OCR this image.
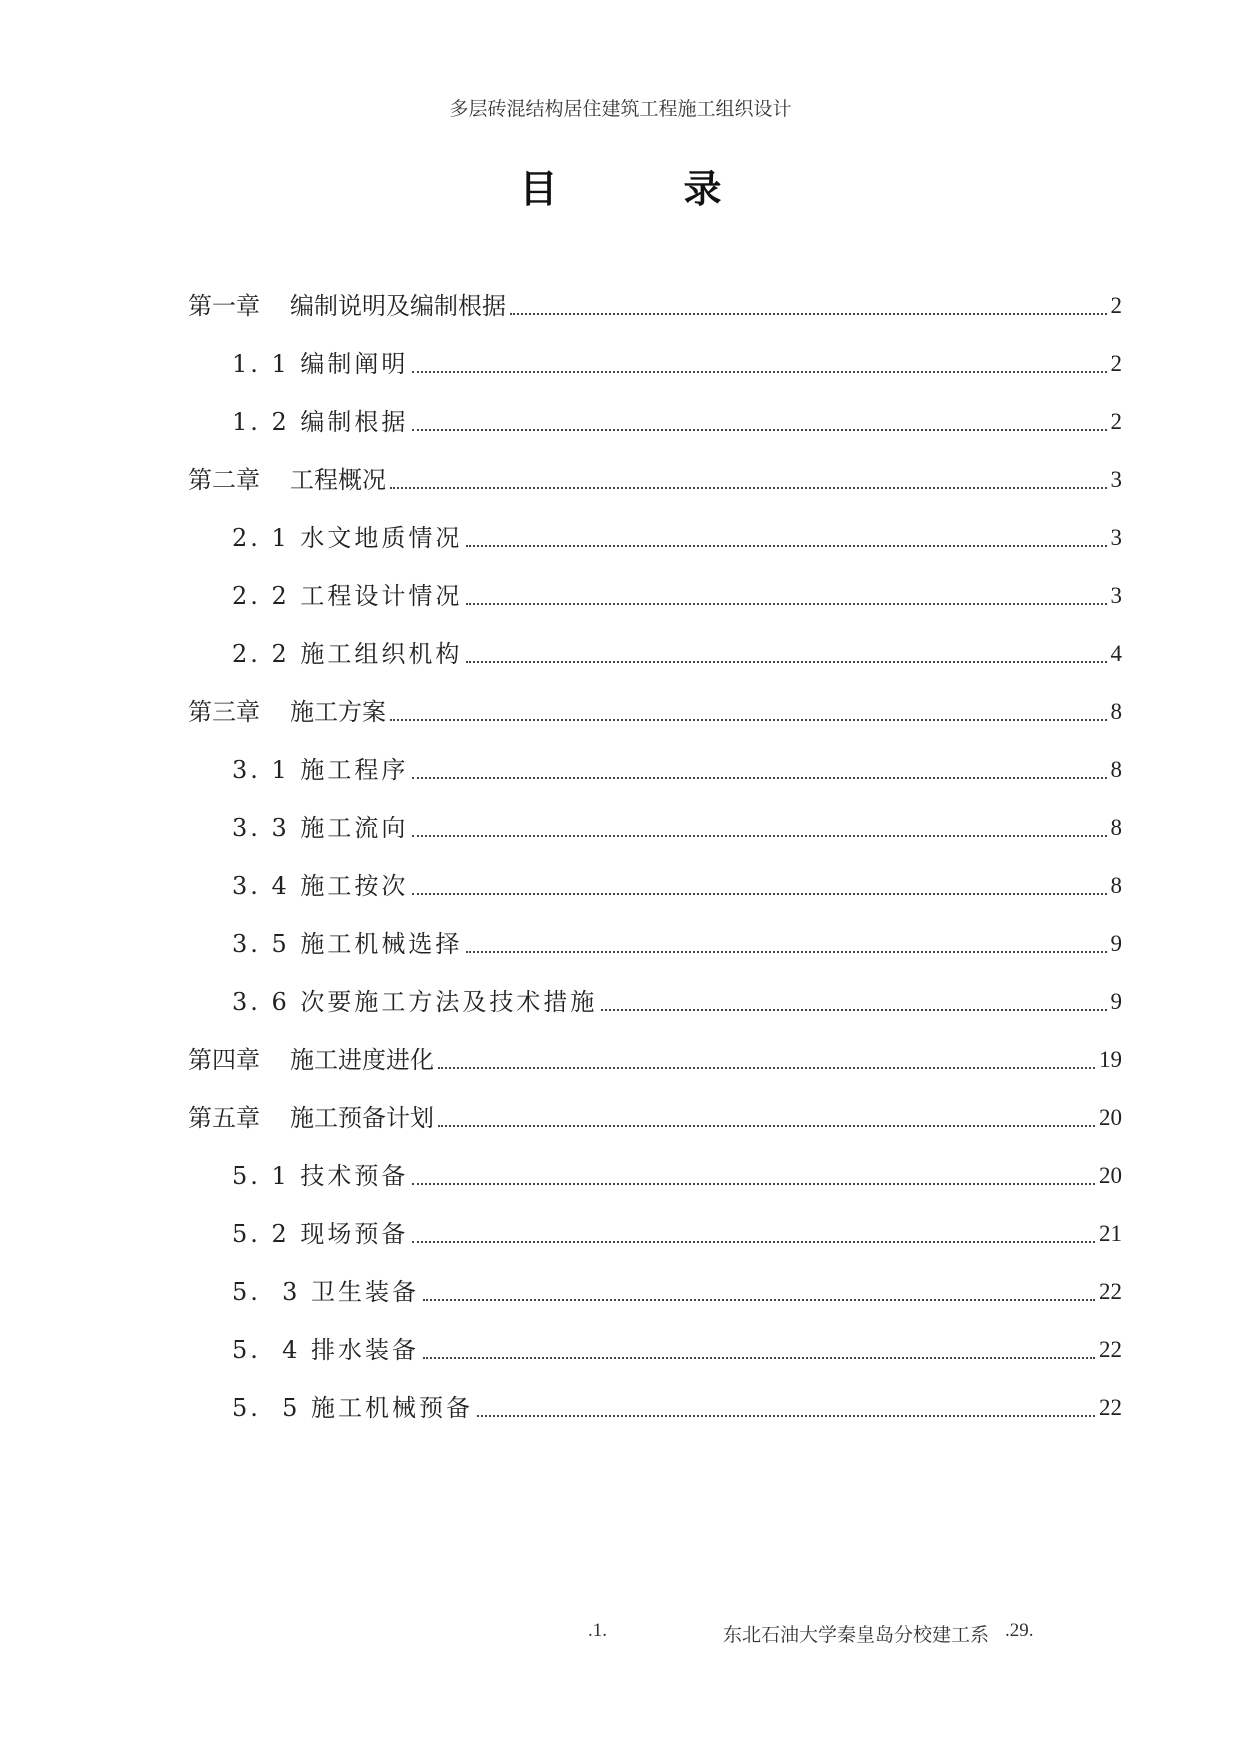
多层砖混结构居住建筑工程施工组织设计
目　录
第一章 编制说明及编制根据	2
1. 1 编制阐明	2
1. 2 编制根据	2
第二章 工程概况	3
2. 1 水文地质情况	3
2. 2 工程设计情况	3
2. 2 施工组织机构	4
第三章 施工方案	8
3. 1 施工程序	8
3. 3 施工流向	8
3. 4 施工按次	8
3. 5 施工机械选择	9
3. 6 次要施工方法及技术措施	9
第四章 施工进度进化	19
第五章 施工预备计划	20
5. 1 技术预备	20
5. 2 现场预备	21
5.  3 卫生装备	22
5.  4 排水装备	22
5.  5 施工机械预备	22
.1.	东北石油大学秦皇岛分校建工系 .29.
